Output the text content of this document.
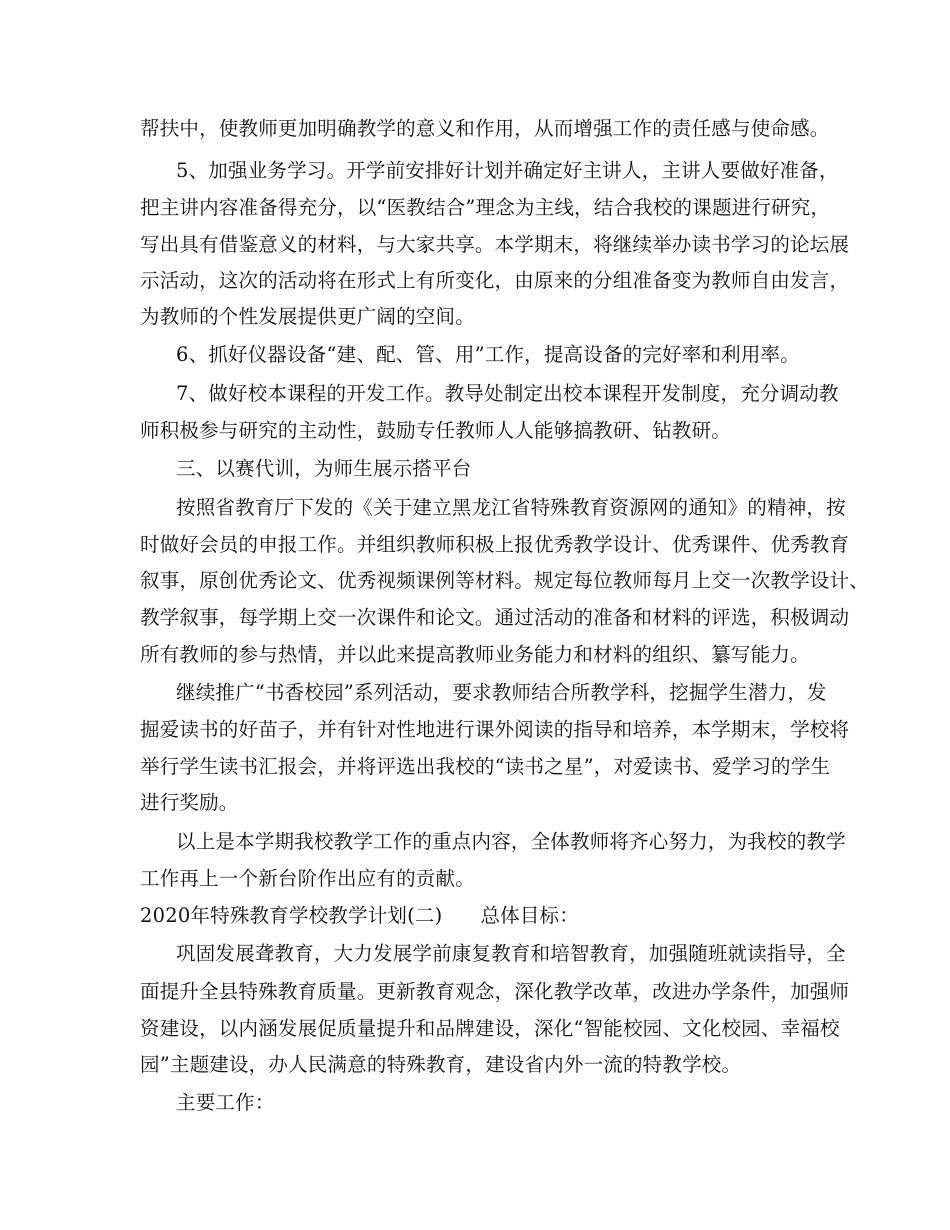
帮扶中，使教师更加明确教学的意义和作用，从而增强工作的责任感与使命感。
5、加强业务学习。开学前安排好计划并确定好主讲人，主讲人要做好准备，
把主讲内容准备得充分，以“医教结合”理念为主线，结合我校的课题进行研究，
写出具有借鉴意义的材料，与大家共享。本学期末，将继续举办读书学习的论坛展
示活动，这次的活动将在形式上有所变化，由原来的分组准备变为教师自由发言，
为教师的个性发展提供更广阔的空间。
6、抓好仪器设备“建、配、管、用”工作，提高设备的完好率和利用率。
7、做好校本课程的开发工作。教导处制定出校本课程开发制度，充分调动教
师积极参与研究的主动性，鼓励专任教师人人能够搞教研、钻教研。
三、以赛代训，为师生展示搭平台
按照省教育厅下发的《关于建立黑龙江省特殊教育资源网的通知》的精神，按
时做好会员的申报工作。并组织教师积极上报优秀教学设计、优秀课件、优秀教育
叙事，原创优秀论文、优秀视频课例等材料。规定每位教师每月上交一次教学设计、
教学叙事，每学期上交一次课件和论文。通过活动的准备和材料的评选，积极调动
所有教师的参与热情，并以此来提高教师业务能力和材料的组织、纂写能力。
继续推广“书香校园”系列活动，要求教师结合所教学科，挖掘学生潜力，发
掘爱读书的好苗子，并有针对性地进行课外阅读的指导和培养，本学期末，学校将
举行学生读书汇报会，并将评选出我校的“读书之星”，对爱读书、爱学习的学生
进行奖励。
以上是本学期我校教学工作的重点内容，全体教师将齐心努力，为我校的教学
工作再上一个新台阶作出应有的贡献。
2020年特殊教育学校教学计划(二) 总体目标：
巩固发展聋教育，大力发展学前康复教育和培智教育，加强随班就读指导，全
面提升全县特殊教育质量。更新教育观念，深化教学改革，改进办学条件，加强师
资建设，以内涵发展促质量提升和品牌建设，深化“智能校园、文化校园、幸福校
园”主题建设，办人民满意的特殊教育，建设省内外一流的特教学校。
主要工作：
